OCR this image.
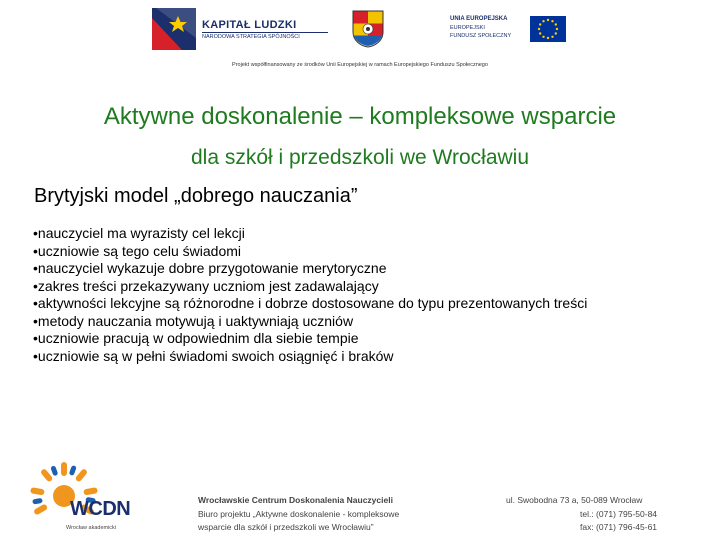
KAPITAŁ LUDZKI
NARODOWA STRATEGIA SPÓJNOŚCI
UNIA EUROPEJSKA
EUROPEJSKI
FUNDUSZ SPOŁECZNY
Projekt współfinansowany ze środków Unii Europejskiej w ramach Europejskiego Funduszu Społecznego
Aktywne doskonalenie – kompleksowe wsparcie
dla szkół i przedszkoli we Wrocławiu
Brytyjski model „dobrego nauczania”
•nauczyciel ma wyrazisty cel lekcji
•uczniowie są tego celu świadomi
•nauczyciel wykazuje dobre przygotowanie merytoryczne
•zakres treści przekazywany uczniom jest zadawalający
•aktywności lekcyjne są różnorodne i dobrze dostosowane do typu prezentowanych treści
•metody nauczania motywują i uaktywniają uczniów
•uczniowie pracują w odpowiednim dla siebie tempie
•uczniowie są w pełni świadomi swoich osiągnięć i braków
WCDN
Wrocław akademicki
Wrocławskie Centrum Doskonalenia Nauczycieli
Biuro projektu „Aktywne doskonalenie - kompleksowe
wsparcie dla szkół i przedszkoli we Wrocławiu”
ul. Swobodna 73 a, 50-089 Wrocław
tel.: (071) 795-50-84
fax: (071) 796-45-61
